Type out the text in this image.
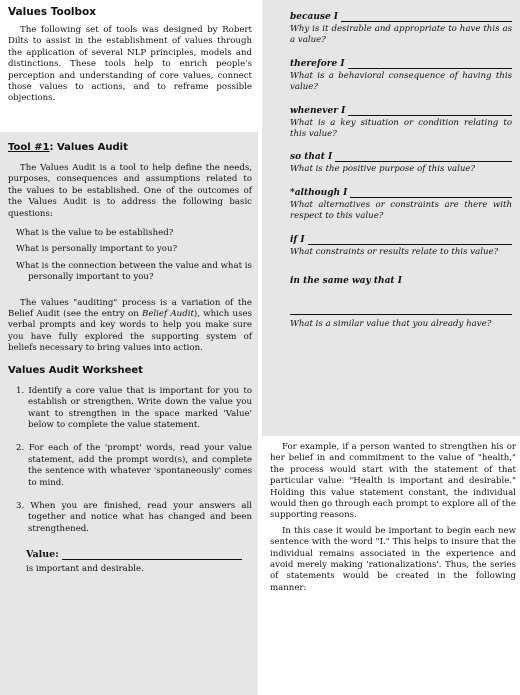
Values Toolbox

The following set of tools was designed by Robert Dilts to assist in the establishment of values through the application of several NLP principles, models and distinctions. These tools help to enrich people's perception and understanding of core values, connect those values to actions, and to reframe possible objections.

Tool #1: Values Audit

The Values Audit is a tool to help define the needs, purposes, consequences and assumptions related to the values to be established. One of the outcomes of the Values Audit is to address the following basic questions:

What is the value to be established?

What is personally important to you?

What is the connection between the value and what is personally important to you?

The values "auditing" process is a variation of the Belief Audit (see the entry on Belief Audit), which uses verbal prompts and key words to help you make sure you have fully explored the supporting system of beliefs necessary to bring values into action.

Values Audit Worksheet

1. Identify a core value that is important for you to establish or strengthen. Write down the value you want to strengthen in the space marked 'Value' below to complete the value statement.

2. For each of the 'prompt' words, read your value statement, add the prompt word(s), and complete the sentence with whatever 'spontaneously' comes to mind.

3. When you are finished, read your answers all together and notice what has changed and been strengthened.

Value:
is important and desirable.
because I
Why is it desirable and appropriate to have this as a value?
therefore I
What is a behavioral consequence of having this value?
whenever I
What is a key situation or condition relating to this value?
so that I
What is the positive purpose of this value?
*although I
What alternatives or constraints are there with respect to this value?
if I
What constraints or results relate to this value?
in the same way that I
What is a similar value that you already have?

For example, if a person wanted to strengthen his or her belief in and commitment to the value of "health," the process would start with the statement of that particular value: "Health is important and desirable." Holding this value statement constant, the individual would then go through each prompt to explore all of the supporting reasons.

In this case it would be important to begin each new sentence with the word "I." This helps to insure that the individual remains associated in the experience and avoid merely making 'rationalizations'. Thus, the series of statements would be created in the following manner:
